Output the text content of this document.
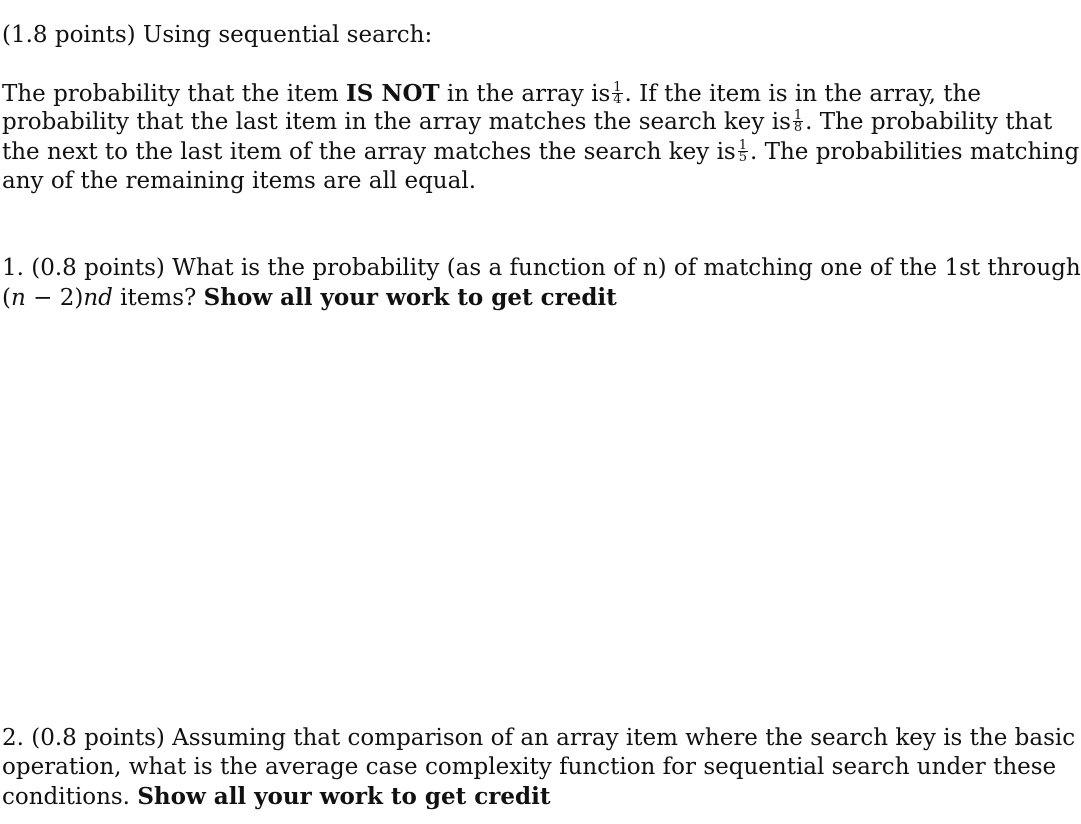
(1.8 points) Using sequential search:
The probability that the item IS NOT in the array is $\frac{1}{4}$ . If the item is in the array, the
probability that the last item in the array matches the search key is $\frac{1}{8}$ . The probability that
the next to the last item of the array matches the search key is $\frac{1}{5}$ . The probabilities matching
any of the remaining items are all equal.
1. (0.8 points) What is the probability (as a function of n) of matching one of the 1st through
(n − 2)nd items? Show all your work to get credit
2. (0.8 points) Assuming that comparison of an array item where the search key is the basic
operation, what is the average case complexity function for sequential search under these
conditions. Show all your work to get credit
